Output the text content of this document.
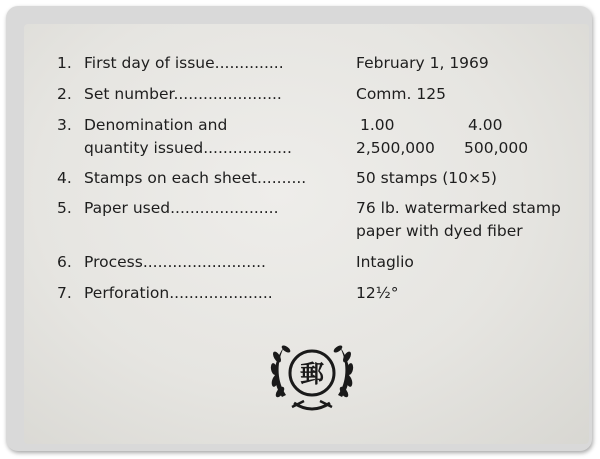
1. First day of issue..............	February 1, 1969
2. Set number......................	Comm. 125
3. Denomination and	1.00	4.00
quantity issued..................	2,500,000 500,000
4. Stamps on each sheet..........	50 stamps (10×5)
5. Paper used......................	76 lb. watermarked stamp
paper with dyed fiber
6. Process.........................	Intaglio
7. Perforation.....................	12½°
郵
